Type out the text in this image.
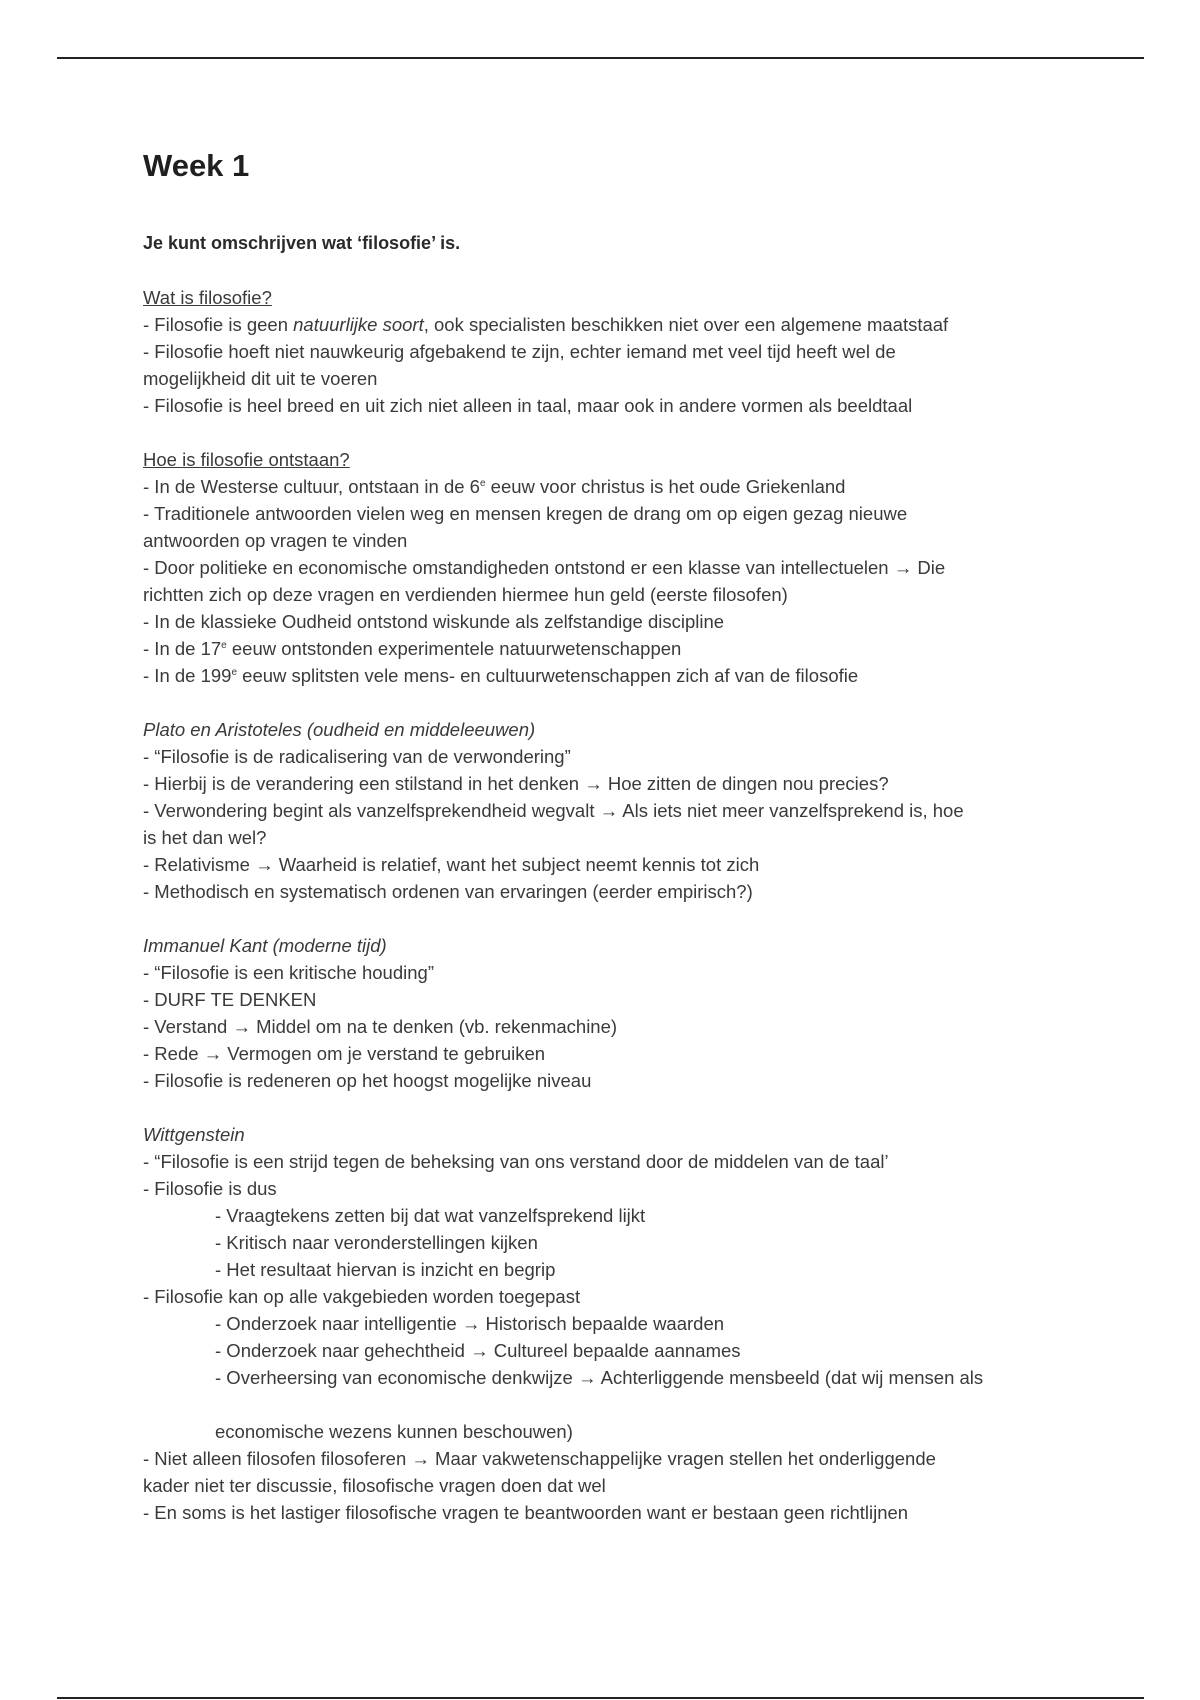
Week 1
Je kunt omschrijven wat ‘filosofie’ is.
Wat is filosofie?
- Filosofie is geen natuurlijke soort, ook specialisten beschikken niet over een algemene maatstaaf
- Filosofie hoeft niet nauwkeurig afgebakend te zijn, echter iemand met veel tijd heeft wel de
mogelijkheid dit uit te voeren
- Filosofie is heel breed en uit zich niet alleen in taal, maar ook in andere vormen als beeldtaal
Hoe is filosofie ontstaan?
- In de Westerse cultuur, ontstaan in de 6e eeuw voor christus is het oude Griekenland
- Traditionele antwoorden vielen weg en mensen kregen de drang om op eigen gezag nieuwe
antwoorden op vragen te vinden
- Door politieke en economische omstandigheden ontstond er een klasse van intellectuelen → Die
richtten zich op deze vragen en verdienden hiermee hun geld (eerste filosofen)
- In de klassieke Oudheid ontstond wiskunde als zelfstandige discipline
- In de 17e eeuw ontstonden experimentele natuurwetenschappen
- In de 199e eeuw splitsten vele mens- en cultuurwetenschappen zich af van de filosofie
Plato en Aristoteles (oudheid en middeleeuwen)
- “Filosofie is de radicalisering van de verwondering”
- Hierbij is de verandering een stilstand in het denken → Hoe zitten de dingen nou precies?
- Verwondering begint als vanzelfsprekendheid wegvalt → Als iets niet meer vanzelfsprekend is, hoe
is het dan wel?
- Relativisme → Waarheid is relatief, want het subject neemt kennis tot zich
- Methodisch en systematisch ordenen van ervaringen (eerder empirisch?)
Immanuel Kant (moderne tijd)
- “Filosofie is een kritische houding”
- DURF TE DENKEN
- Verstand → Middel om na te denken (vb. rekenmachine)
- Rede → Vermogen om je verstand te gebruiken
- Filosofie is redeneren op het hoogst mogelijke niveau
Wittgenstein
- “Filosofie is een strijd tegen de beheksing van ons verstand door de middelen van de taal’
- Filosofie is dus
- Vraagtekens zetten bij dat wat vanzelfsprekend lijkt
- Kritisch naar veronderstellingen kijken
- Het resultaat hiervan is inzicht en begrip
- Filosofie kan op alle vakgebieden worden toegepast
- Onderzoek naar intelligentie → Historisch bepaalde waarden
- Onderzoek naar gehechtheid → Cultureel bepaalde aannames
- Overheersing van economische denkwijze → Achterliggende mensbeeld (dat wij mensen als
economische wezens kunnen beschouwen)
- Niet alleen filosofen filosoferen → Maar vakwetenschappelijke vragen stellen het onderliggende
kader niet ter discussie, filosofische vragen doen dat wel
- En soms is het lastiger filosofische vragen te beantwoorden want er bestaan geen richtlijnen
